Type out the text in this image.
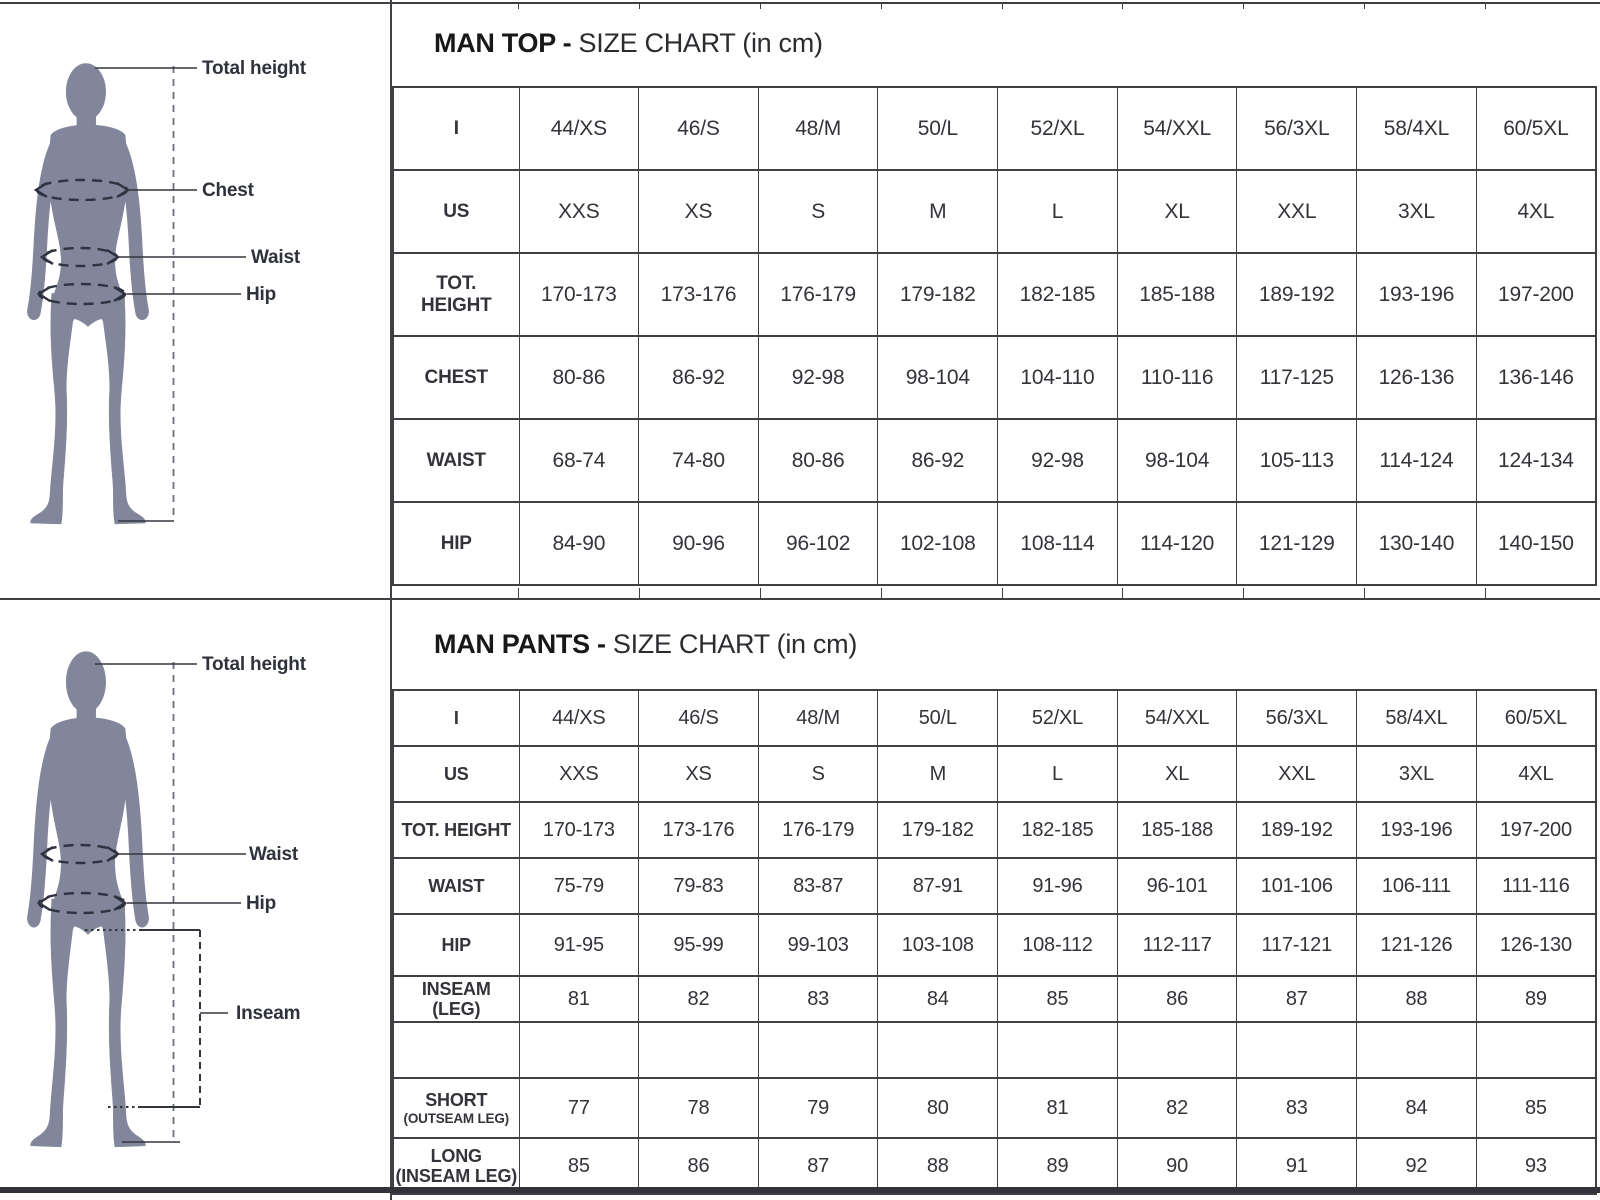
Total height
Chest
Waist
Hip
Total height
Waist
Hip
Inseam
MAN TOP - SIZE CHART (in cm)
I	44/XS	46/S	48/M	50/L	52/XL	54/XXL	56/3XL	58/4XL	60/5XL

US	XXS	XS	S	M	L	XL	XXL	3XL	4XL

TOT.
HEIGHT	170-173	173-176	176-179	179-182	182-185	185-188	189-192	193-196	197-200

CHEST	80-86	86-92	92-98	98-104	104-110	110-116	117-125	126-136	136-146

WAIST	68-74	74-80	80-86	86-92	92-98	98-104	105-113	114-124	124-134

HIP	84-90	90-96	96-102	102-108	108-114	114-120	121-129	130-140	140-150
MAN PANTS - SIZE CHART (in cm)
I	44/XS	46/S	48/M	50/L	52/XL	54/XXL	56/3XL	58/4XL	60/5XL

US	XXS	XS	S	M	L	XL	XXL	3XL	4XL

TOT. HEIGHT	170-173	173-176	176-179	179-182	182-185	185-188	189-192	193-196	197-200

WAIST	75-79	79-83	83-87	87-91	91-96	96-101	101-106	106-111	111-116

HIP	91-95	95-99	99-103	103-108	108-112	112-117	117-121	121-126	126-130

INSEAM
(LEG)	81	82	83	84	85	86	87	88	89

SHORT
(OUTSEAM LEG)	77	78	79	80	81	82	83	84	85

LONG
(INSEAM LEG)	85	86	87	88	89	90	91	92	93
